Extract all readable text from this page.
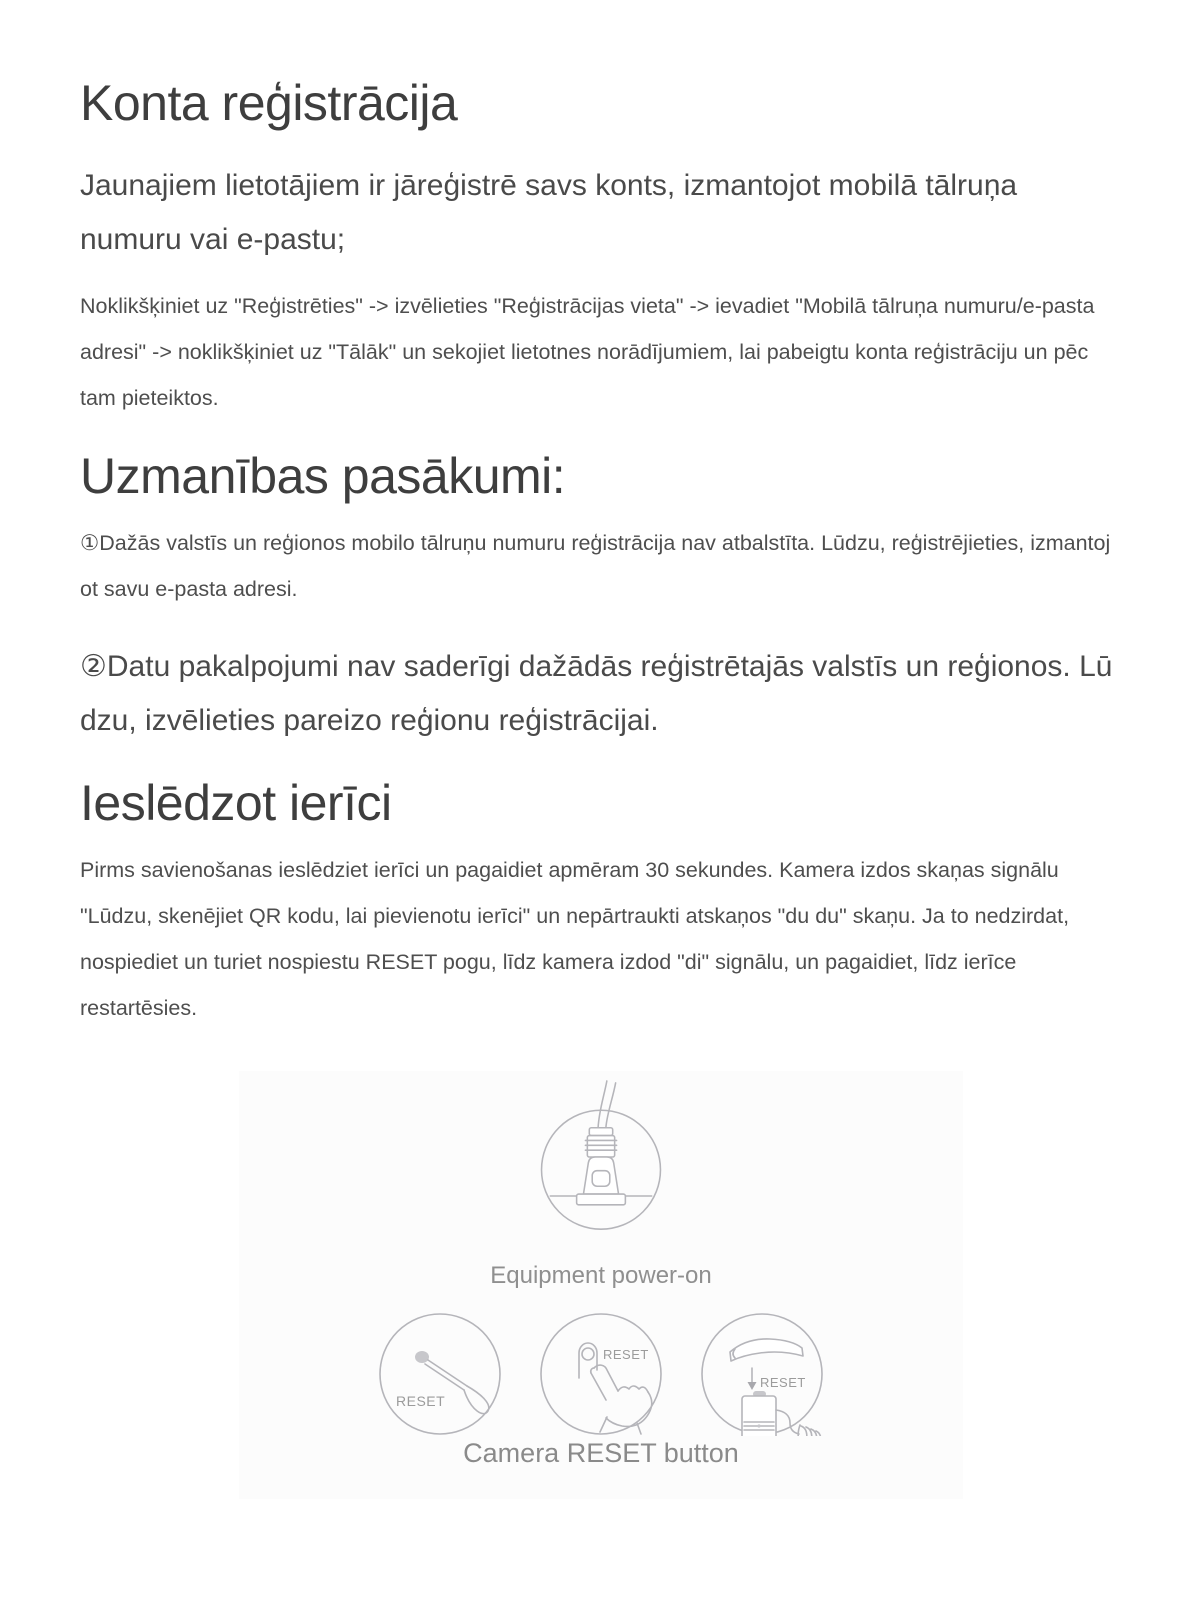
Konta reģistrācija

Jaunajiem lietotājiem ir jāreģistrē savs konts, izmantojot mobilā tālruņa numuru vai e-pastu;

Noklikšķiniet uz "Reģistrēties" -> izvēlieties "Reģistrācijas vieta" -> ievadiet "Mobilā tālruņa numuru/e-pasta adresi" -> noklikšķiniet uz "Tālāk" un sekojiet lietotnes norādījumiem, lai pabeigtu konta reģistrāciju un pēc tam pieteiktos.

Uzmanības pasākumi:

①Dažās valstīs un reģionos mobilo tālruņu numuru reģistrācija nav atbalstīta. Lūdzu, reģistrējieties, izmantojot savu e-pasta adresi.

②Datu pakalpojumi nav saderīgi dažādās reģistrētajās valstīs un reģionos. Lūdzu, izvēlieties pareizo reģionu reģistrācijai.

Ieslēdzot ierīci

Pirms savienošanas ieslēdziet ierīci un pagaidiet apmēram 30 sekundes. Kamera izdos skaņas signālu "Lūdzu, skenējiet QR kodu, lai pievienotu ierīci" un nepārtraukti atskaņos "du du" skaņu. Ja to nedzirdat, nospiediet un turiet nospiestu RESET pogu, līdz kamera izdod "di" signālu, un pagaidiet, līdz ierīce restartēsies.

Equipment power-on
RESET
RESET
RESET
Camera RESET button
